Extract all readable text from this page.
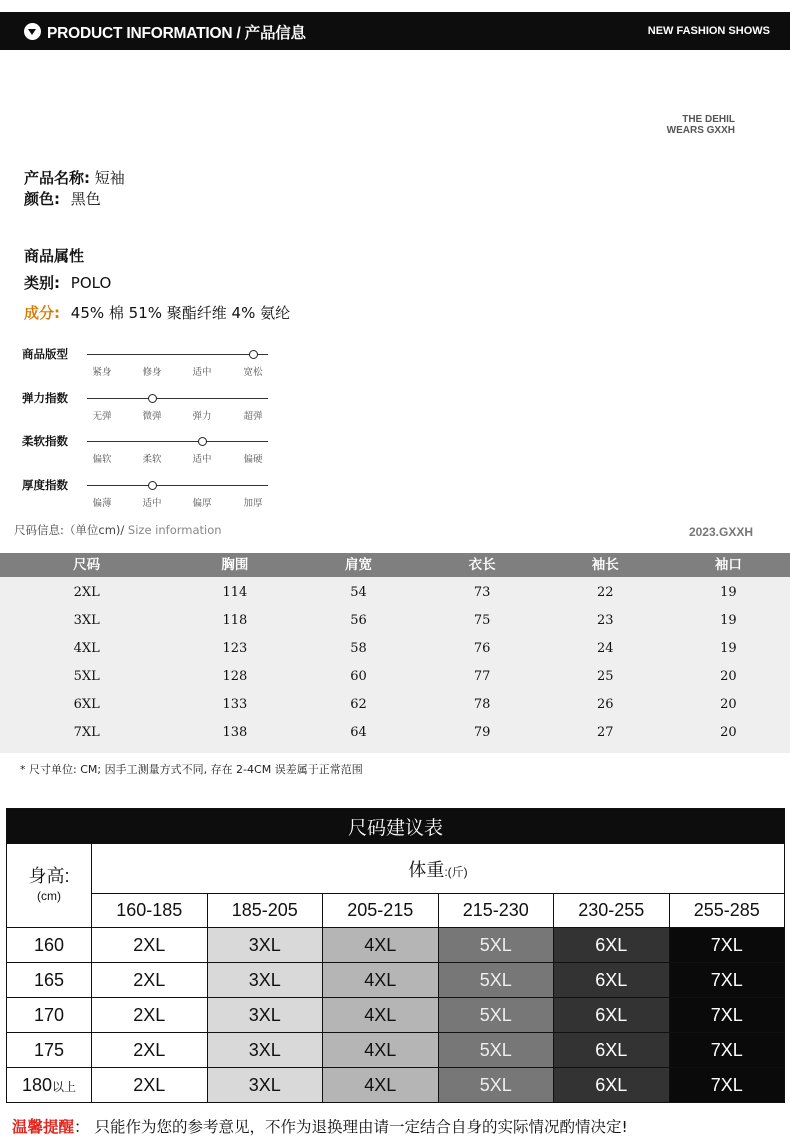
PRODUCT INFORMATION / 产品信息	NEW FASHION SHOWS
THE DEHIL
WEARS GXXH
产品名称: 短袖
颜色: 黑色
商品属性
类别: POLO
成分: 45% 棉 51% 聚酯纤维 4% 氨纶
商品版型
紧身	修身	适中	宽松
弹力指数
无弹	微弹	弹力	超弹
柔软指数
偏软	柔软	适中	偏硬
厚度指数
偏薄	适中	偏厚	加厚
尺码信息:（单位cm)/ Size information	2023.GXXH
尺码	胸围	肩宽	衣长	袖长	袖口
2XL	114	54	73	22	19
3XL	118	56	75	23	19
4XL	123	58	76	24	19
5XL	128	60	77	25	20
6XL	133	62	78	26	20
7XL	138	64	79	27	20
* 尺寸单位: CM; 因手工测量方式不同, 存在 2-4CM 误差属于正常范围
尺码建议表						

身高:
(cm)	体重:(斤)					
	160-185	185-205	205-215	215-230	230-255	255-285
160	2XL	3XL	4XL	5XL	6XL	7XL
165	2XL	3XL	4XL	5XL	6XL	7XL
170	2XL	3XL	4XL	5XL	6XL	7XL
175	2XL	3XL	4XL	5XL	6XL	7XL
180以上	2XL	3XL	4XL	5XL	6XL	7XL
温馨提醒： 只能作为您的参考意见，不作为退换理由请一定结合自身的实际情况酌情决定!
